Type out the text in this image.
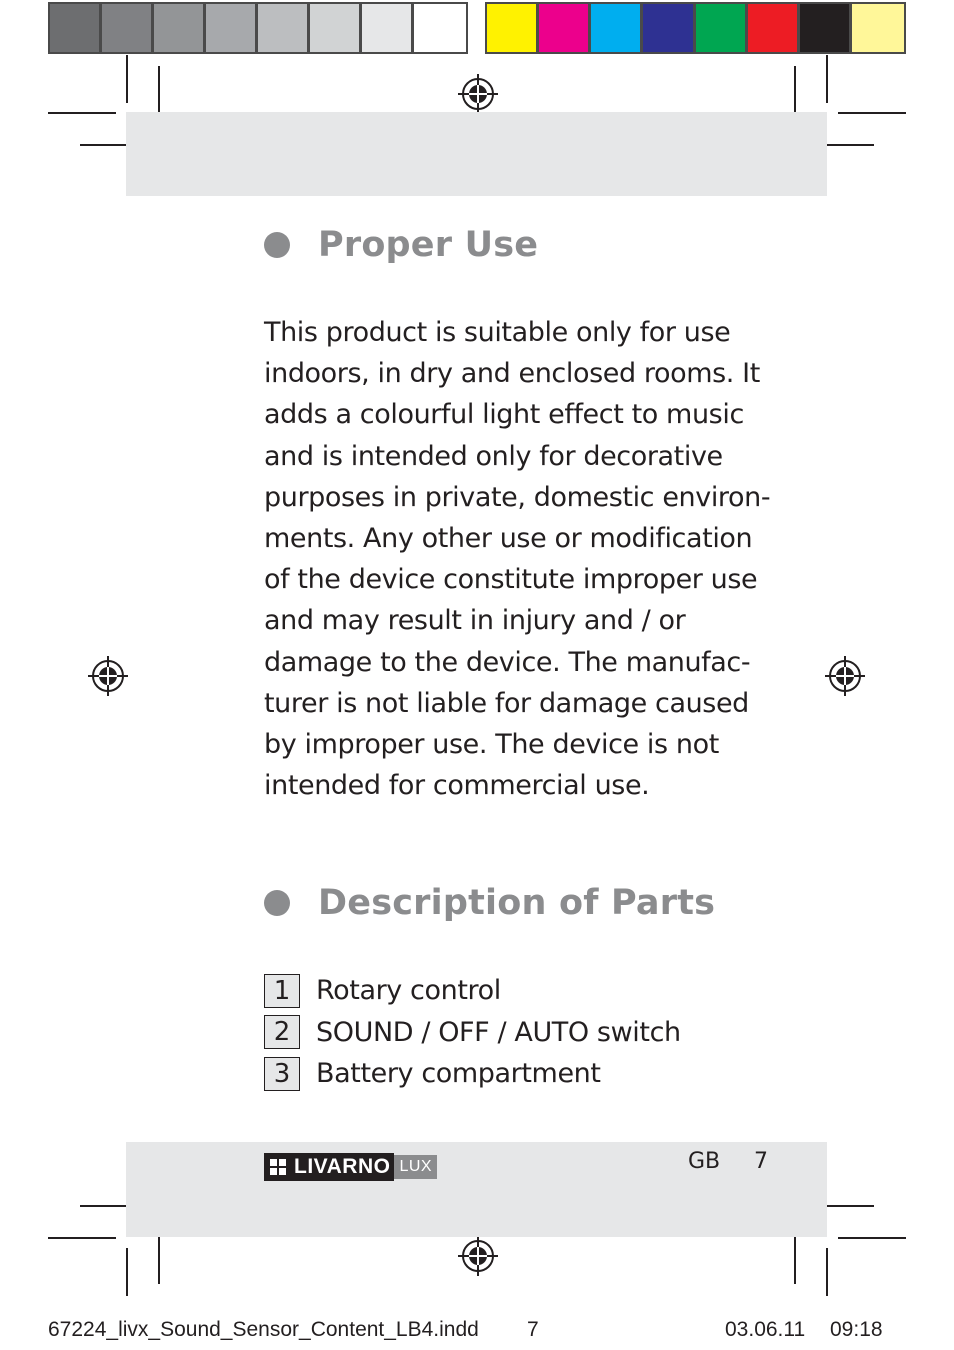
Proper Use
This product is suitable only for use
indoors, in dry and enclosed rooms. It
adds a colourful light effect to music
and is intended only for decorative
purposes in private, domestic environ-
ments. Any other use or modification
of the device constitute improper use
and may result in injury and / or
damage to the device. The manufac-
turer is not liable for damage caused
by improper use. The device is not
intended for commercial use.
Description of Parts
1 Rotary control
2 SOUND / OFF / AUTO switch
3 Battery compartment
LIVARNO LUX	GB 7
67224_livx_Sound_Sensor_Content_LB4.indd 7	03.06.11 09:18
